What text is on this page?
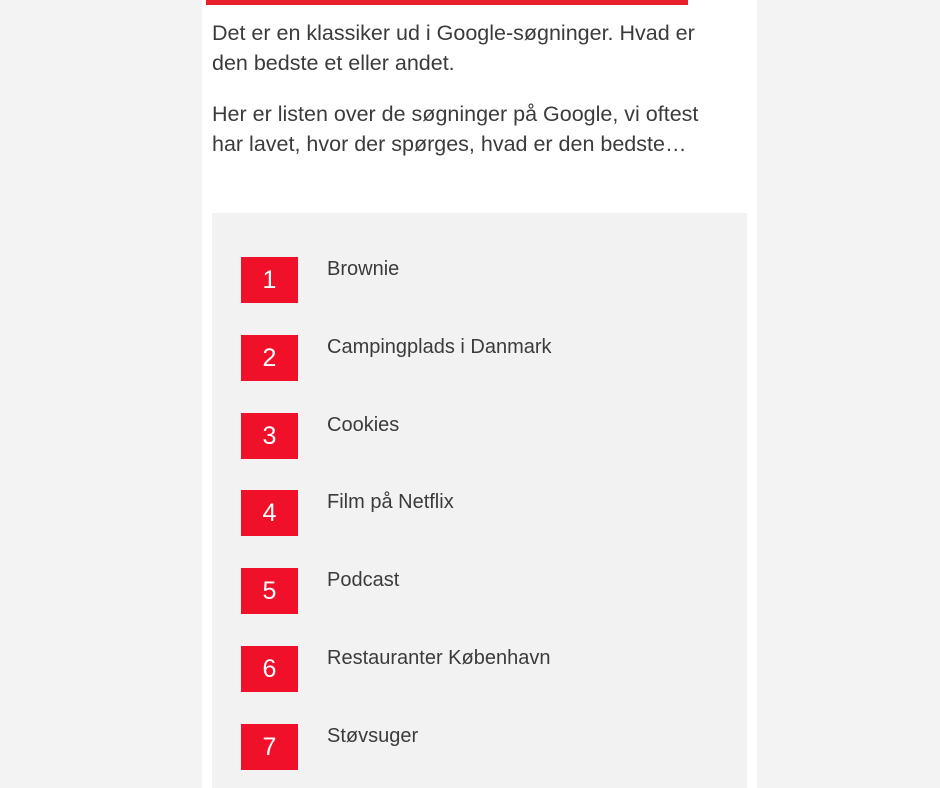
Det er en klassiker ud i Google-søgninger. Hvad er den bedste et eller andet.

Her er listen over de søgninger på Google, vi oftest har lavet, hvor der spørges, hvad er den bedste…

1	Brownie
2	Campingplads i Danmark
3	Cookies
4	Film på Netflix
5	Podcast
6	Restauranter København
7	Støvsuger
